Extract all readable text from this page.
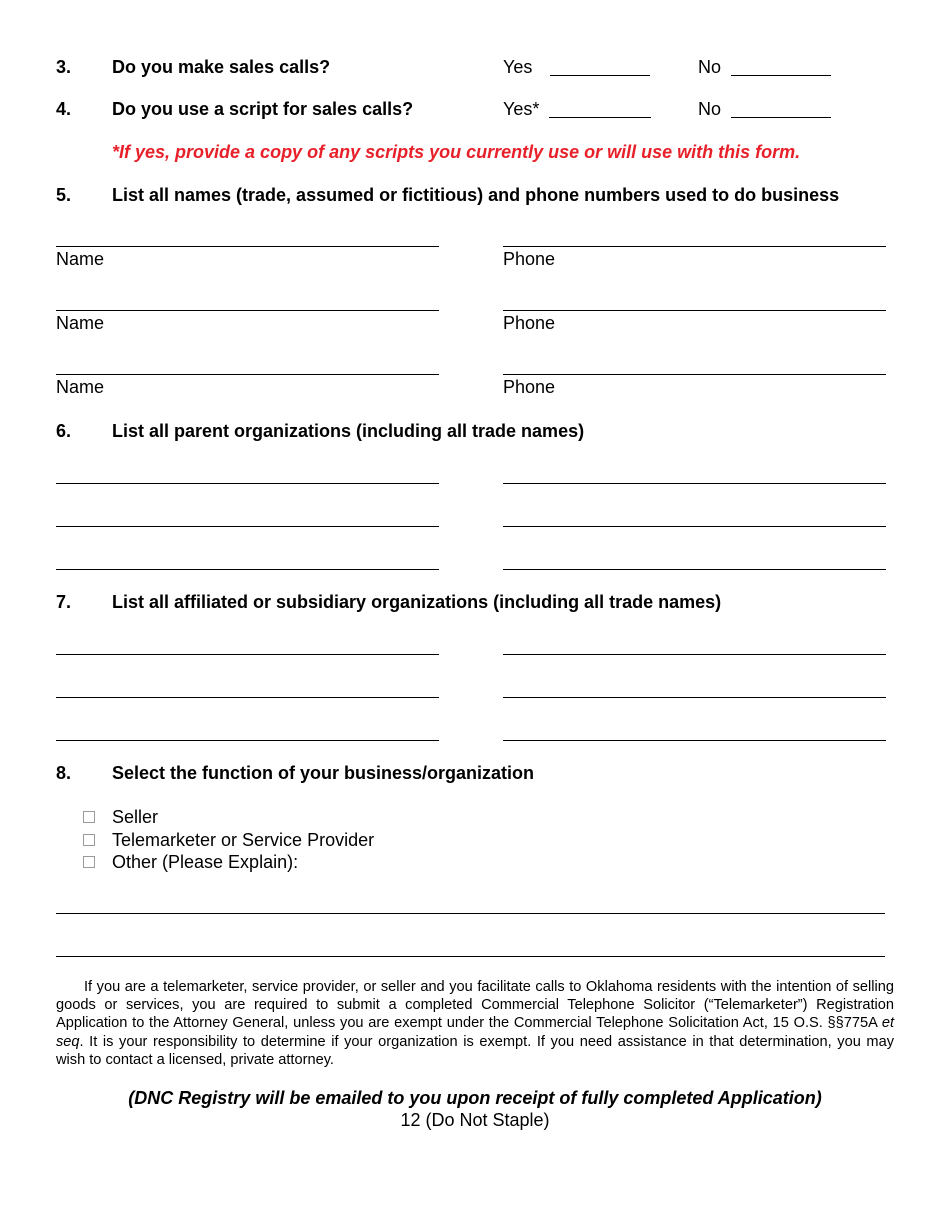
3. Do you make sales calls?	Yes	No
4. Do you use a script for sales calls?	Yes*	No
*If yes, provide a copy of any scripts you currently use or will use with this form.
5. List all names (trade, assumed or fictitious) and phone numbers used to do business
Name	Phone
Name	Phone
Name	Phone
6. List all parent organizations (including all trade names)
7. List all affiliated or subsidiary organizations (including all trade names)
8. Select the function of your business/organization
Seller
Telemarketer or Service Provider
Other (Please Explain):
If you are a telemarketer, service provider, or seller and you facilitate calls to Oklahoma residents with the intention of selling goods or services, you are required to submit a completed Commercial Telephone Solicitor (“Telemarketer”) Registration Application to the Attorney General, unless you are exempt under the Commercial Telephone Solicitation Act, 15 O.S. §§775A et seq. It is your responsibility to determine if your organization is exempt. If you need assistance in that determination, you may wish to contact a licensed, private attorney.
(DNC Registry will be emailed to you upon receipt of fully completed Application)
12 (Do Not Staple)
